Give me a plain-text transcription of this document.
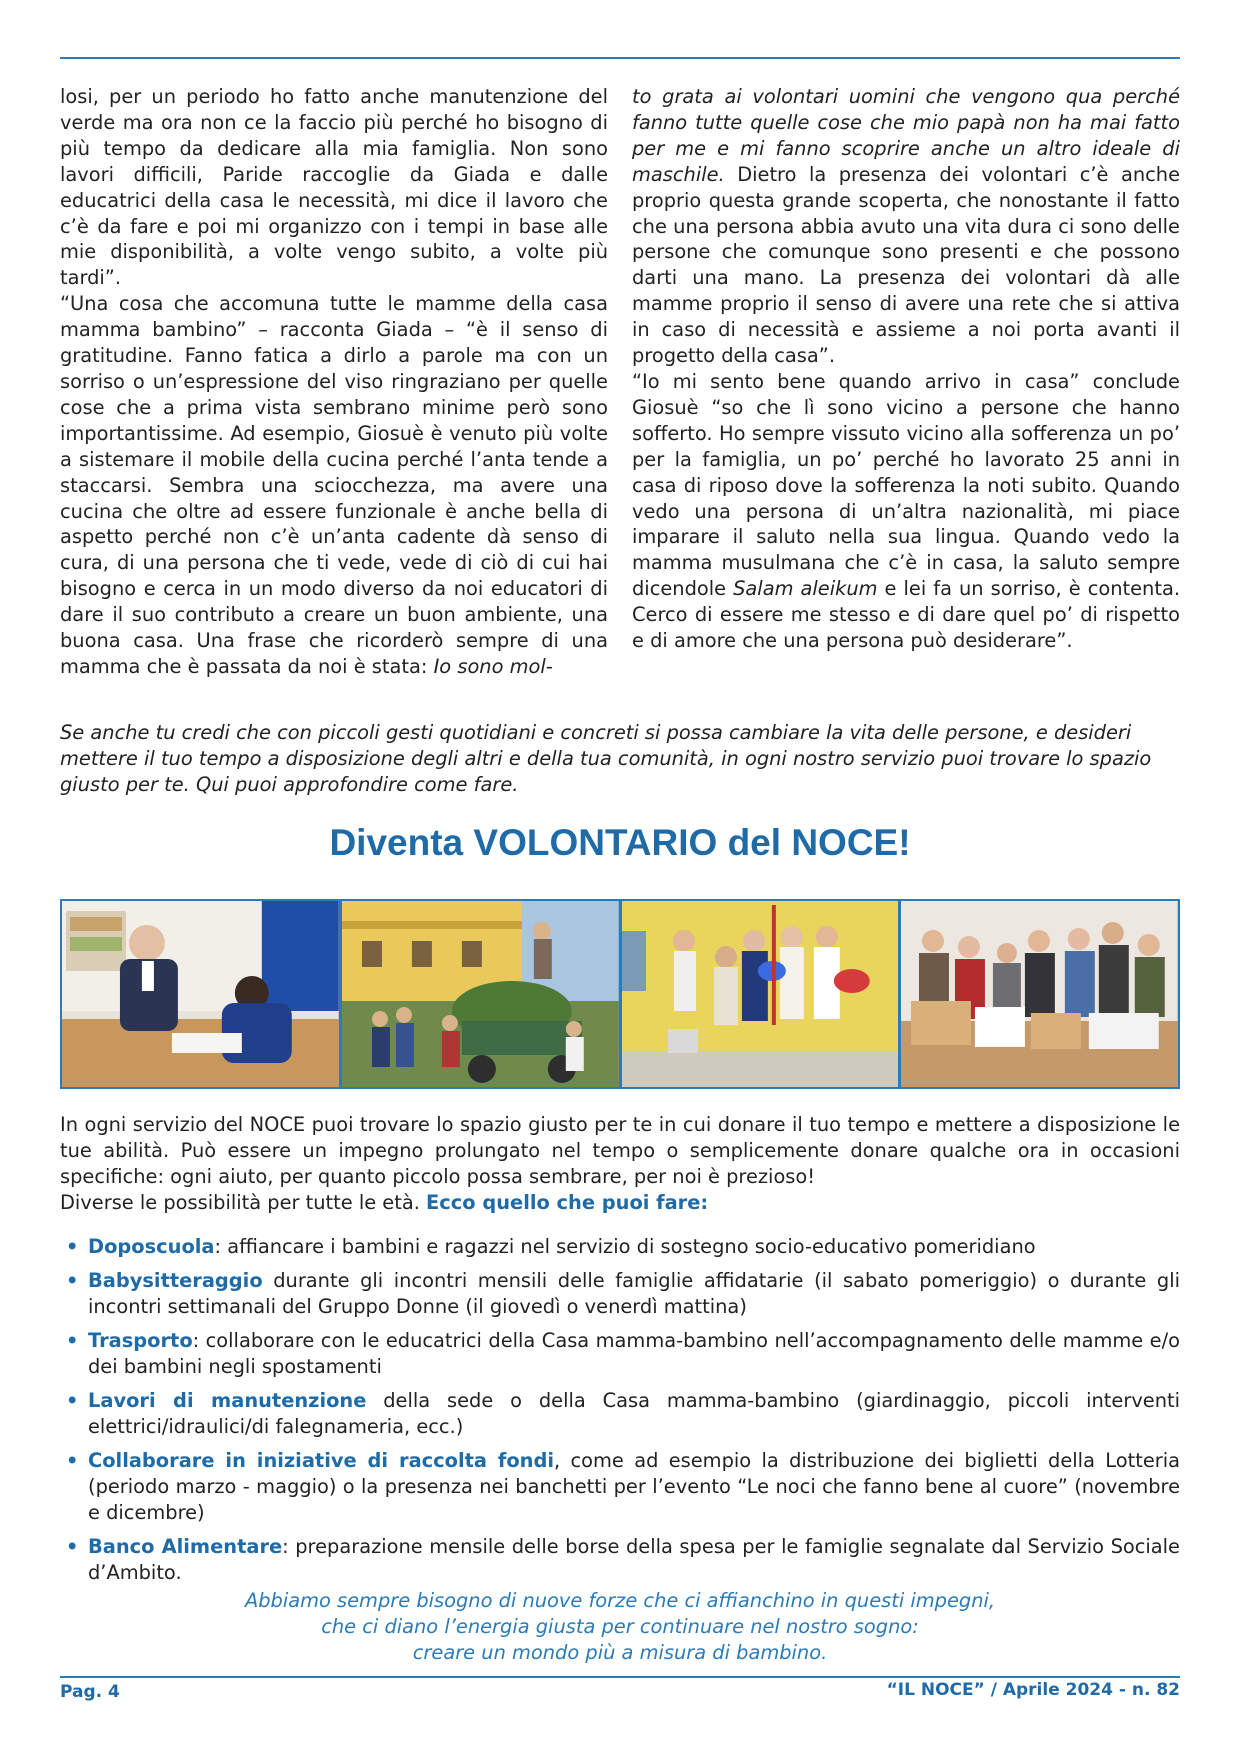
losi, per un periodo ho fatto anche manutenzione del verde ma ora non ce la faccio più perché ho bisogno di più tempo da dedicare alla mia famiglia. Non sono lavori difficili, Paride raccoglie da Giada e dalle educatrici della casa le necessità, mi dice il lavoro che c’è da fare e poi mi organizzo con i tempi in base alle mie disponibilità, a volte vengo subito, a volte più tardi”.

“Una cosa che accomuna tutte le mamme della casa mamma bambino” – racconta Giada – “è il senso di gratitudine. Fanno fatica a dirlo a parole ma con un sorriso o un’espressione del viso ringraziano per quelle cose che a prima vista sembrano minime però sono importantissime. Ad esempio, Giosuè è venuto più volte a sistemare il mobile della cucina perché l’anta tende a staccarsi. Sembra una sciocchezza, ma avere una cucina che oltre ad essere funzionale è anche bella di aspetto perché non c’è un’anta cadente dà senso di cura, di una persona che ti vede, vede di ciò di cui hai bisogno e cerca in un modo diverso da noi educatori di dare il suo contributo a creare un buon ambiente, una buona casa. Una frase che ricorderò sempre di una mamma che è passata da noi è stata: Io sono mol-

to grata ai volontari uomini che vengono qua perché fanno tutte quelle cose che mio papà non ha mai fatto per me e mi fanno scoprire anche un altro ideale di maschile. Dietro la presenza dei volontari c’è anche proprio questa grande scoperta, che nonostante il fatto che una persona abbia avuto una vita dura ci sono delle persone che comunque sono presenti e che possono darti una mano. La presenza dei volontari dà alle mamme proprio il senso di avere una rete che si attiva in caso di necessità e assieme a noi porta avanti il progetto della casa”.

“Io mi sento bene quando arrivo in casa” conclude Giosuè “so che lì sono vicino a persone che hanno sofferto. Ho sempre vissuto vicino alla sofferenza un po’ per la famiglia, un po’ perché ho lavorato 25 anni in casa di riposo dove la sofferenza la noti subito. Quando vedo una persona di un’altra nazionalità, mi piace imparare il saluto nella sua lingua. Quando vedo la mamma musulmana che c’è in casa, la saluto sempre dicendole Salam aleikum e lei fa un sorriso, è contenta. Cerco di essere me stesso e di dare quel po’ di rispetto e di amore che una persona può desiderare”.

Se anche tu credi che con piccoli gesti quotidiani e concreti si possa cambiare la vita delle persone, e desideri mettere il tuo tempo a disposizione degli altri e della tua comunità, in ogni nostro servizio puoi trovare lo spazio giusto per te. Qui puoi approfondire come fare.
Diventa VOLONTARIO del NOCE!

In ogni servizio del NOCE puoi trovare lo spazio giusto per te in cui donare il tuo tempo e mettere a disposizione le tue abilità. Può essere un impegno prolungato nel tempo o semplicemente donare qualche ora in occasioni specifiche: ogni aiuto, per quanto piccolo possa sembrare, per noi è prezioso!

Diverse le possibilità per tutte le età. Ecco quello che puoi fare:

• Doposcuola: affiancare i bambini e ragazzi nel servizio di sostegno socio-educativo pomeridiano
• Babysitteraggio durante gli incontri mensili delle famiglie affidatarie (il sabato pomeriggio) o durante gli incontri settimanali del Gruppo Donne (il giovedì o venerdì mattina)
• Trasporto: collaborare con le educatrici della Casa mamma-bambino nell’accompagnamento delle mamme e/o dei bambini negli spostamenti
• Lavori di manutenzione della sede o della Casa mamma-bambino (giardinaggio, piccoli interventi elettrici/idraulici/di falegnameria, ecc.)
• Collaborare in iniziative di raccolta fondi, come ad esempio la distribuzione dei biglietti della Lotteria (periodo marzo - maggio) o la presenza nei banchetti per l’evento “Le noci che fanno bene al cuore” (novembre e dicembre)
• Banco Alimentare: preparazione mensile delle borse della spesa per le famiglie segnalate dal Servizio Sociale d’Ambito.
Abbiamo sempre bisogno di nuove forze che ci affianchino in questi impegni,
che ci diano l’energia giusta per continuare nel nostro sogno:
creare un mondo più a misura di bambino.
Pag. 4	“IL NOCE” / Aprile 2024 - n. 82
